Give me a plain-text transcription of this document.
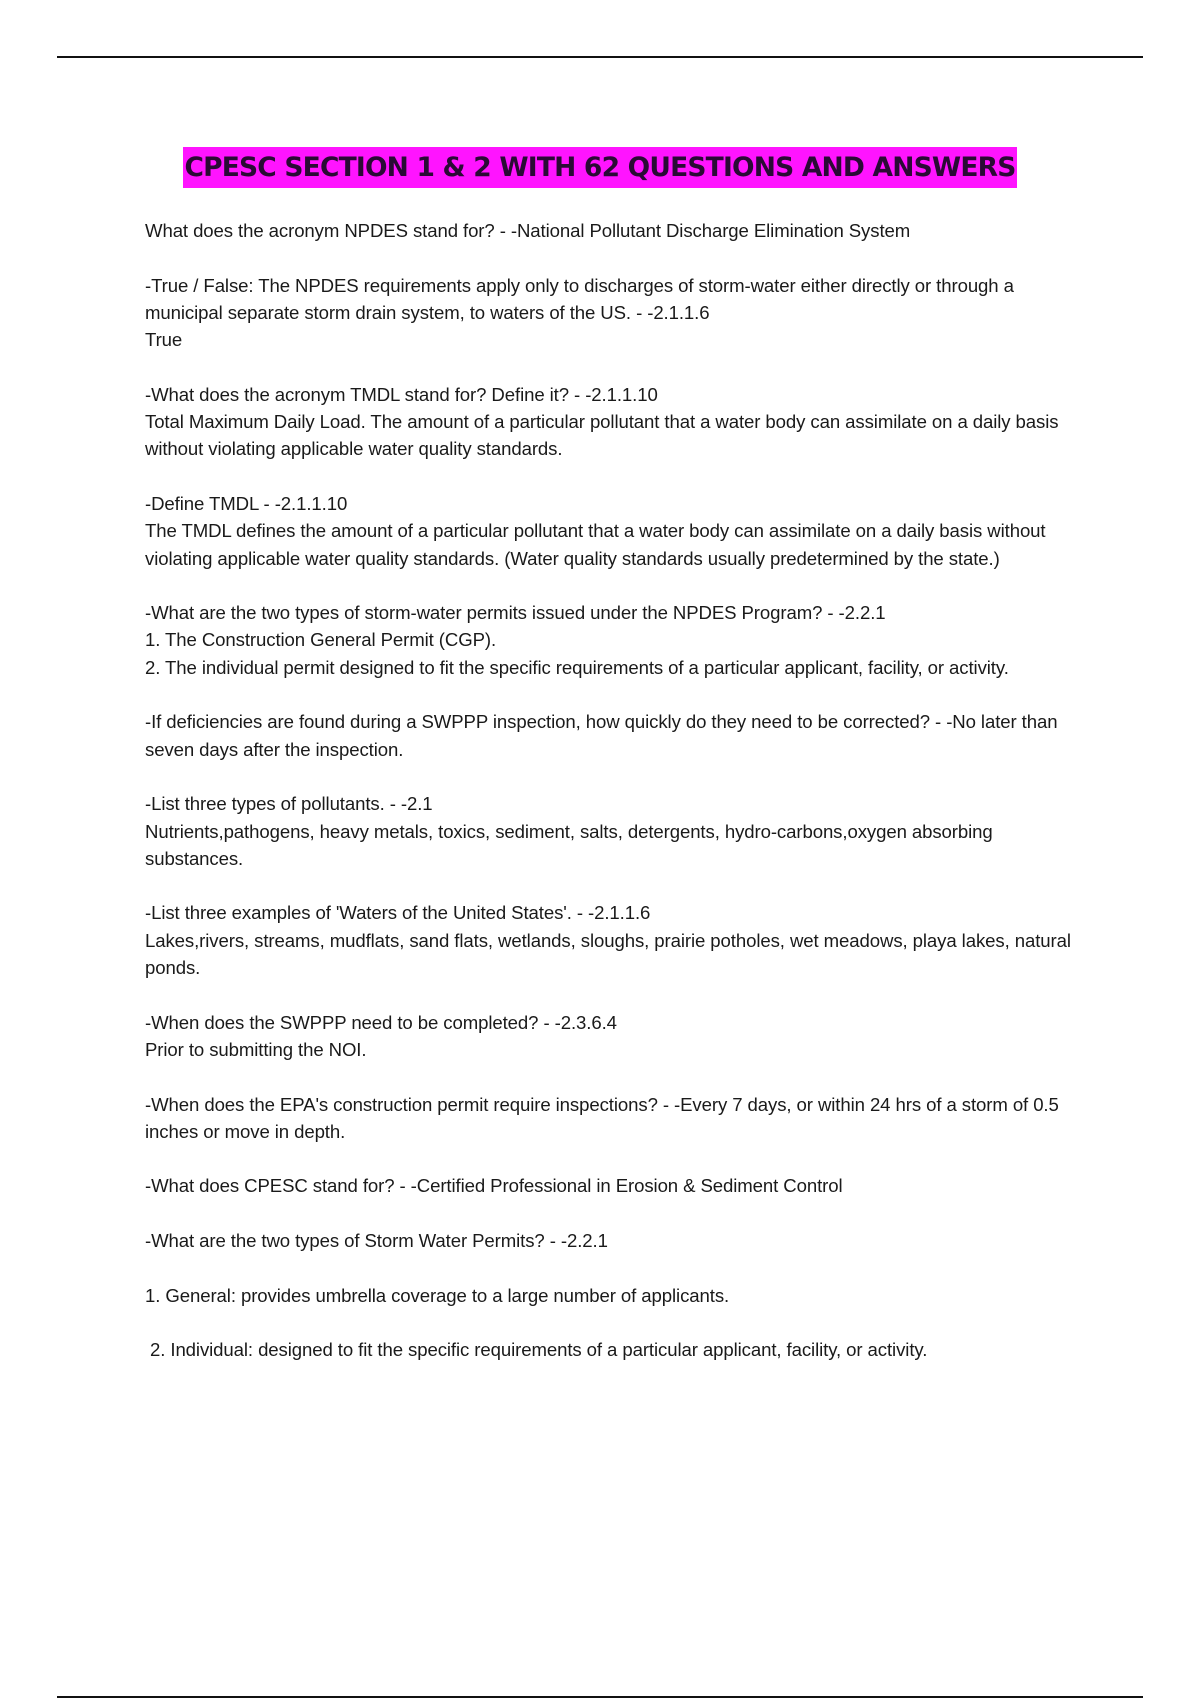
CPESC SECTION 1 & 2 WITH 62 QUESTIONS AND ANSWERS
What does the acronym NPDES stand for? - -National Pollutant Discharge Elimination System
-True / False: The NPDES requirements apply only to discharges of storm-water either directly or through a municipal separate storm drain system, to waters of the US. - -2.1.1.6
True
-What does the acronym TMDL stand for? Define it? - -2.1.1.10
Total Maximum Daily Load. The amount of a particular pollutant that a water body can assimilate on a daily basis without violating applicable water quality standards.
-Define TMDL - -2.1.1.10
The TMDL defines the amount of a particular pollutant that a water body can assimilate on a daily basis without violating applicable water quality standards. (Water quality standards usually predetermined by the state.)
-What are the two types of storm-water permits issued under the NPDES Program? - -2.2.1
1. The Construction General Permit (CGP).
2. The individual permit designed to fit the specific requirements of a particular applicant, facility, or activity.
-If deficiencies are found during a SWPPP inspection, how quickly do they need to be corrected? - -No later than seven days after the inspection.
-List three types of pollutants. - -2.1
Nutrients,pathogens, heavy metals, toxics, sediment, salts, detergents, hydro-carbons,oxygen absorbing substances.
-List three examples of 'Waters of the United States'. - -2.1.1.6
Lakes,rivers, streams, mudflats, sand flats, wetlands, sloughs, prairie potholes, wet meadows, playa lakes, natural ponds.
-When does the SWPPP need to be completed? - -2.3.6.4
Prior to submitting the NOI.
-When does the EPA's construction permit require inspections? - -Every 7 days, or within 24 hrs of a storm of 0.5 inches or move in depth.
-What does CPESC stand for? - -Certified Professional in Erosion & Sediment Control
-What are the two types of Storm Water Permits? - -2.2.1
1. General: provides umbrella coverage to a large number of applicants.
2. Individual: designed to fit the specific requirements of a particular applicant, facility, or activity.
